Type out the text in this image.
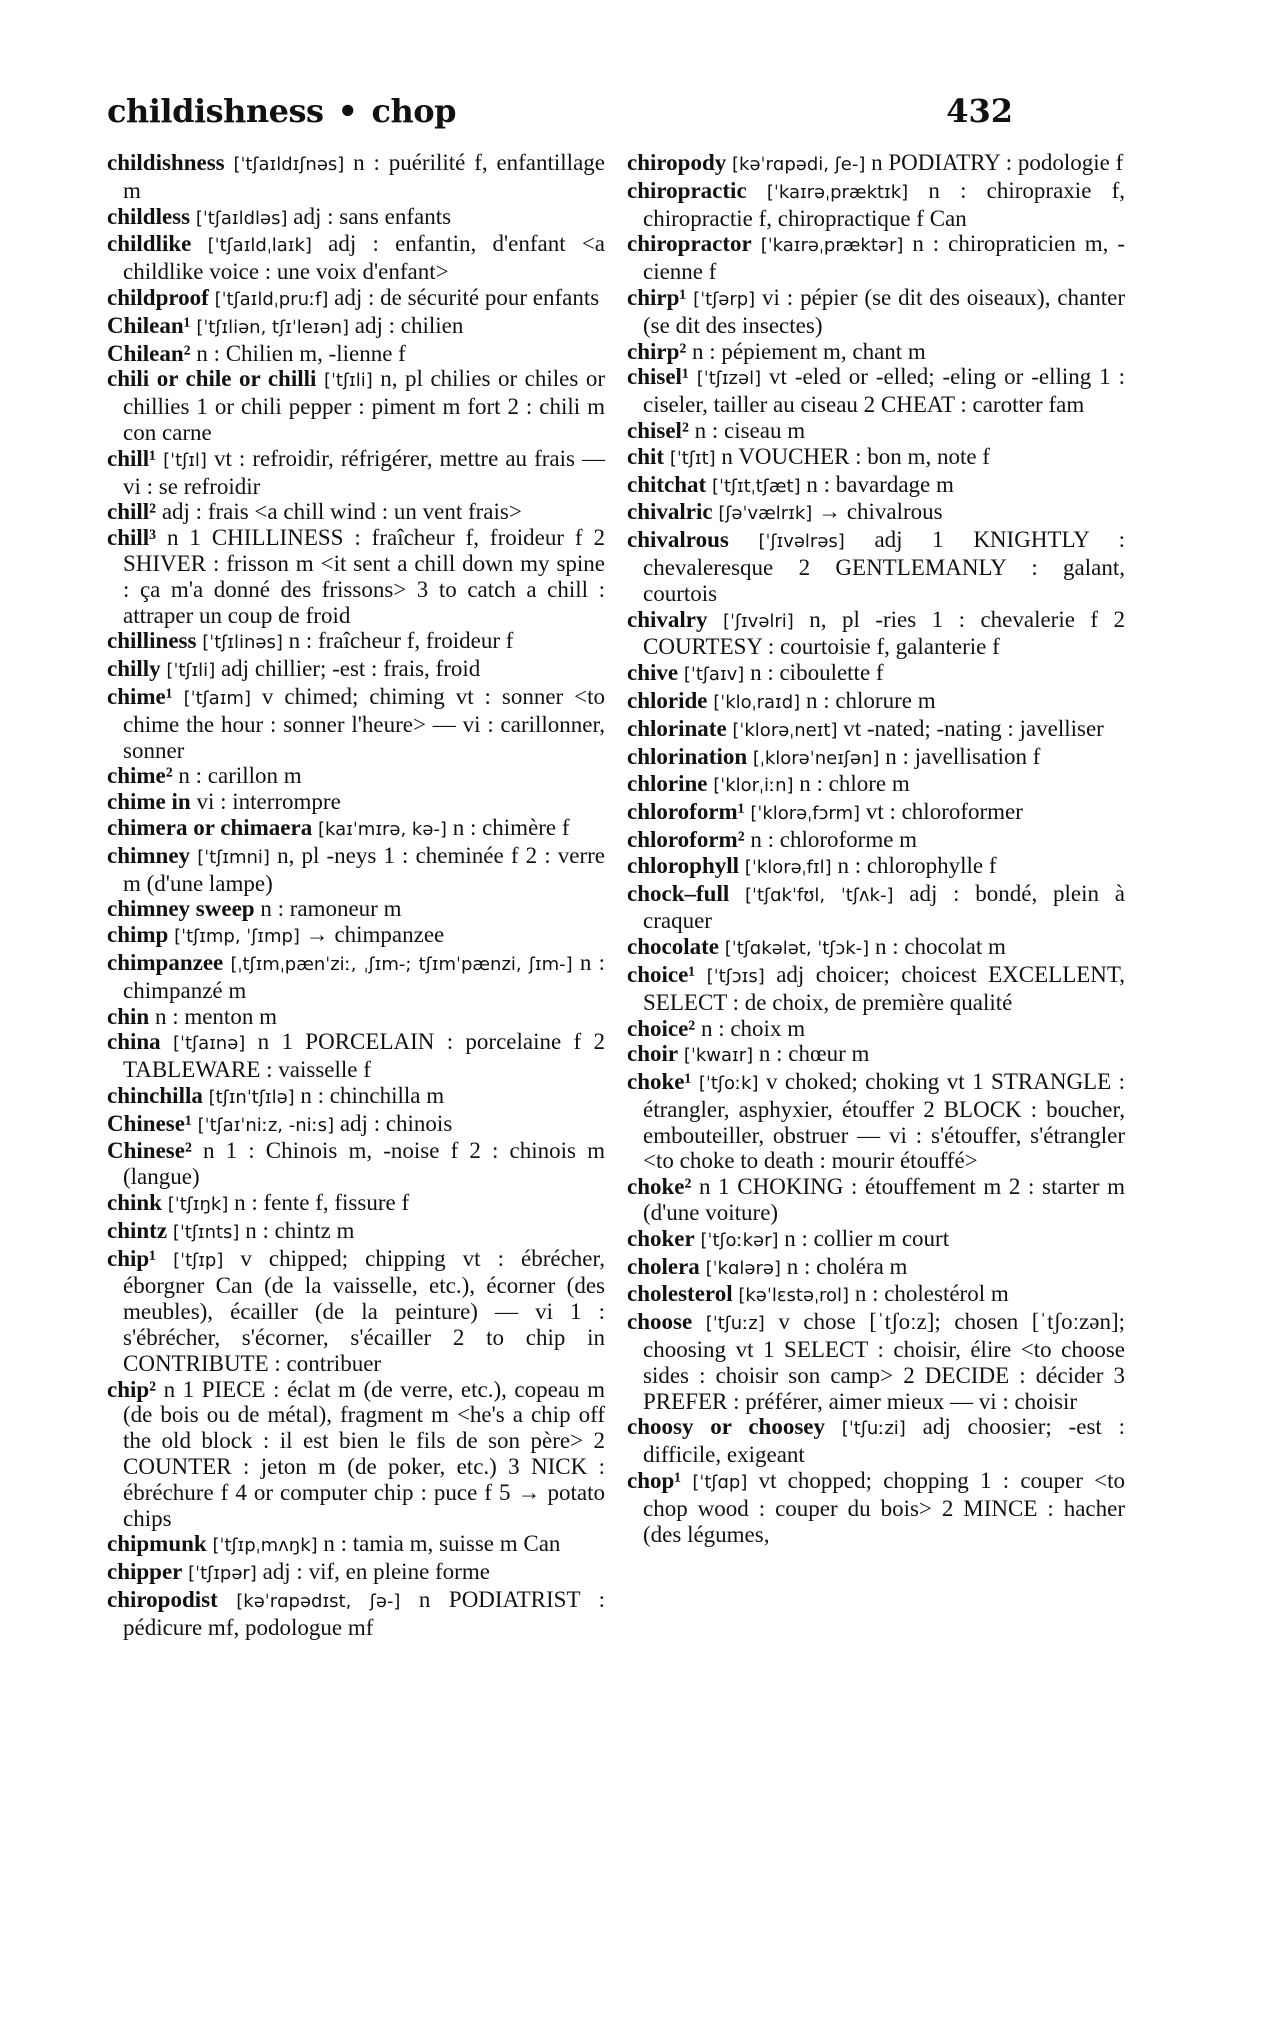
childishness • chop	432

childishness [ˈtʃaɪldɪʃnəs] n : puérilité f, enfantillage m

childless [ˈtʃaɪldləs] adj : sans enfants

childlike [ˈtʃaɪldˌlaɪk] adj : enfantin, d'enfant <a childlike voice : une voix d'enfant>

childproof [ˈtʃaɪldˌpruːf] adj : de sécurité pour enfants

Chilean¹ [ˈtʃɪliən, tʃɪˈleɪən] adj : chilien

Chilean² n : Chilien m, -lienne f

chili or chile or chilli [ˈtʃɪli] n, pl chilies or chiles or chillies 1 or chili pepper : piment m fort 2 : chili m con carne

chill¹ [ˈtʃɪl] vt : refroidir, réfrigérer, mettre au frais — vi : se refroidir

chill² adj : frais <a chill wind : un vent frais>

chill³ n 1 CHILLINESS : fraîcheur f, froideur f 2 SHIVER : frisson m <it sent a chill down my spine : ça m'a donné des frissons> 3 to catch a chill : attraper un coup de froid

chilliness [ˈtʃɪlinəs] n : fraîcheur f, froideur f

chilly [ˈtʃɪli] adj chillier; -est : frais, froid

chime¹ [ˈtʃaɪm] v chimed; chiming vt : sonner <to chime the hour : sonner l'heure> — vi : carillonner, sonner

chime² n : carillon m

chime in vi : interrompre

chimera or chimaera [kaɪˈmɪrə, kə-] n : chimère f

chimney [ˈtʃɪmni] n, pl -neys 1 : cheminée f 2 : verre m (d'une lampe)

chimney sweep n : ramoneur m

chimp [ˈtʃɪmp, ˈʃɪmp] → chimpanzee

chimpanzee [ˌtʃɪmˌpænˈziː, ˌʃɪm-; tʃɪmˈpænzi, ʃɪm-] n : chimpanzé m

chin n : menton m

china [ˈtʃaɪnə] n 1 PORCELAIN : porcelaine f 2 TABLEWARE : vaisselle f

chinchilla [tʃɪnˈtʃɪlə] n : chinchilla m

Chinese¹ [ˈtʃaɪˈniːz, -niːs] adj : chinois

Chinese² n 1 : Chinois m, -noise f 2 : chinois m (langue)

chink [ˈtʃɪŋk] n : fente f, fissure f

chintz [ˈtʃɪnts] n : chintz m

chip¹ [ˈtʃɪp] v chipped; chipping vt : ébrécher, éborgner Can (de la vaisselle, etc.), écorner (des meubles), écailler (de la peinture) — vi 1 : s'ébrécher, s'écorner, s'écailler 2 to chip in CONTRIBUTE : contribuer

chip² n 1 PIECE : éclat m (de verre, etc.), copeau m (de bois ou de métal), fragment m <he's a chip off the old block : il est bien le fils de son père> 2 COUNTER : jeton m (de poker, etc.) 3 NICK : ébréchure f 4 or computer chip : puce f 5 → potato chips

chipmunk [ˈtʃɪpˌmʌŋk] n : tamia m, suisse m Can

chipper [ˈtʃɪpər] adj : vif, en pleine forme

chiropodist [kəˈrɑpədɪst, ʃə-] n PODIATRIST : pédicure mf, podologue mf

chiropody [kəˈrɑpədi, ʃe-] n PODIATRY : podologie f

chiropractic [ˈkaɪrəˌpræktɪk] n : chiropraxie f, chiropractie f, chiropractique f Can

chiropractor [ˈkaɪrəˌpræktər] n : chiropraticien m, -cienne f

chirp¹ [ˈtʃərp] vi : pépier (se dit des oiseaux), chanter (se dit des insectes)

chirp² n : pépiement m, chant m

chisel¹ [ˈtʃɪzəl] vt -eled or -elled; -eling or -elling 1 : ciseler, tailler au ciseau 2 CHEAT : carotter fam

chisel² n : ciseau m

chit [ˈtʃɪt] n VOUCHER : bon m, note f

chitchat [ˈtʃɪtˌtʃæt] n : bavardage m

chivalric [ʃəˈvælrɪk] → chivalrous

chivalrous [ˈʃɪvəlrəs] adj 1 KNIGHTLY : chevaleresque 2 GENTLEMANLY : galant, courtois

chivalry [ˈʃɪvəlri] n, pl -ries 1 : chevalerie f 2 COURTESY : courtoisie f, galanterie f

chive [ˈtʃaɪv] n : ciboulette f

chloride [ˈkloˌraɪd] n : chlorure m

chlorinate [ˈklorəˌneɪt] vt -nated; -nating : javelliser

chlorination [ˌklorəˈneɪʃən] n : javellisation f

chlorine [ˈklorˌiːn] n : chlore m

chloroform¹ [ˈklorəˌfɔrm] vt : chloroformer

chloroform² n : chloroforme m

chlorophyll [ˈklorəˌfɪl] n : chlorophylle f

chock–full [ˈtʃɑkˈfʊl, ˈtʃʌk-] adj : bondé, plein à craquer

chocolate [ˈtʃɑkələt, ˈtʃɔk-] n : chocolat m

choice¹ [ˈtʃɔɪs] adj choicer; choicest EXCELLENT, SELECT : de choix, de première qualité

choice² n : choix m

choir [ˈkwaɪr] n : chœur m

choke¹ [ˈtʃoːk] v choked; choking vt 1 STRANGLE : étrangler, asphyxier, étouffer 2 BLOCK : boucher, embouteiller, obstruer — vi : s'étouffer, s'étrangler <to choke to death : mourir étouffé>

choke² n 1 CHOKING : étouffement m 2 : starter m (d'une voiture)

choker [ˈtʃoːkər] n : collier m court

cholera [ˈkɑlərə] n : choléra m

cholesterol [kəˈlɛstəˌrol] n : cholestérol m

choose [ˈtʃuːz] v chose [ˈtʃoːz]; chosen [ˈtʃoːzən]; choosing vt 1 SELECT : choisir, élire <to choose sides : choisir son camp> 2 DECIDE : décider 3 PREFER : préférer, aimer mieux — vi : choisir

choosy or choosey [ˈtʃuːzi] adj choosier; -est : difficile, exigeant

chop¹ [ˈtʃɑp] vt chopped; chopping 1 : couper <to chop wood : couper du bois> 2 MINCE : hacher (des légumes,
